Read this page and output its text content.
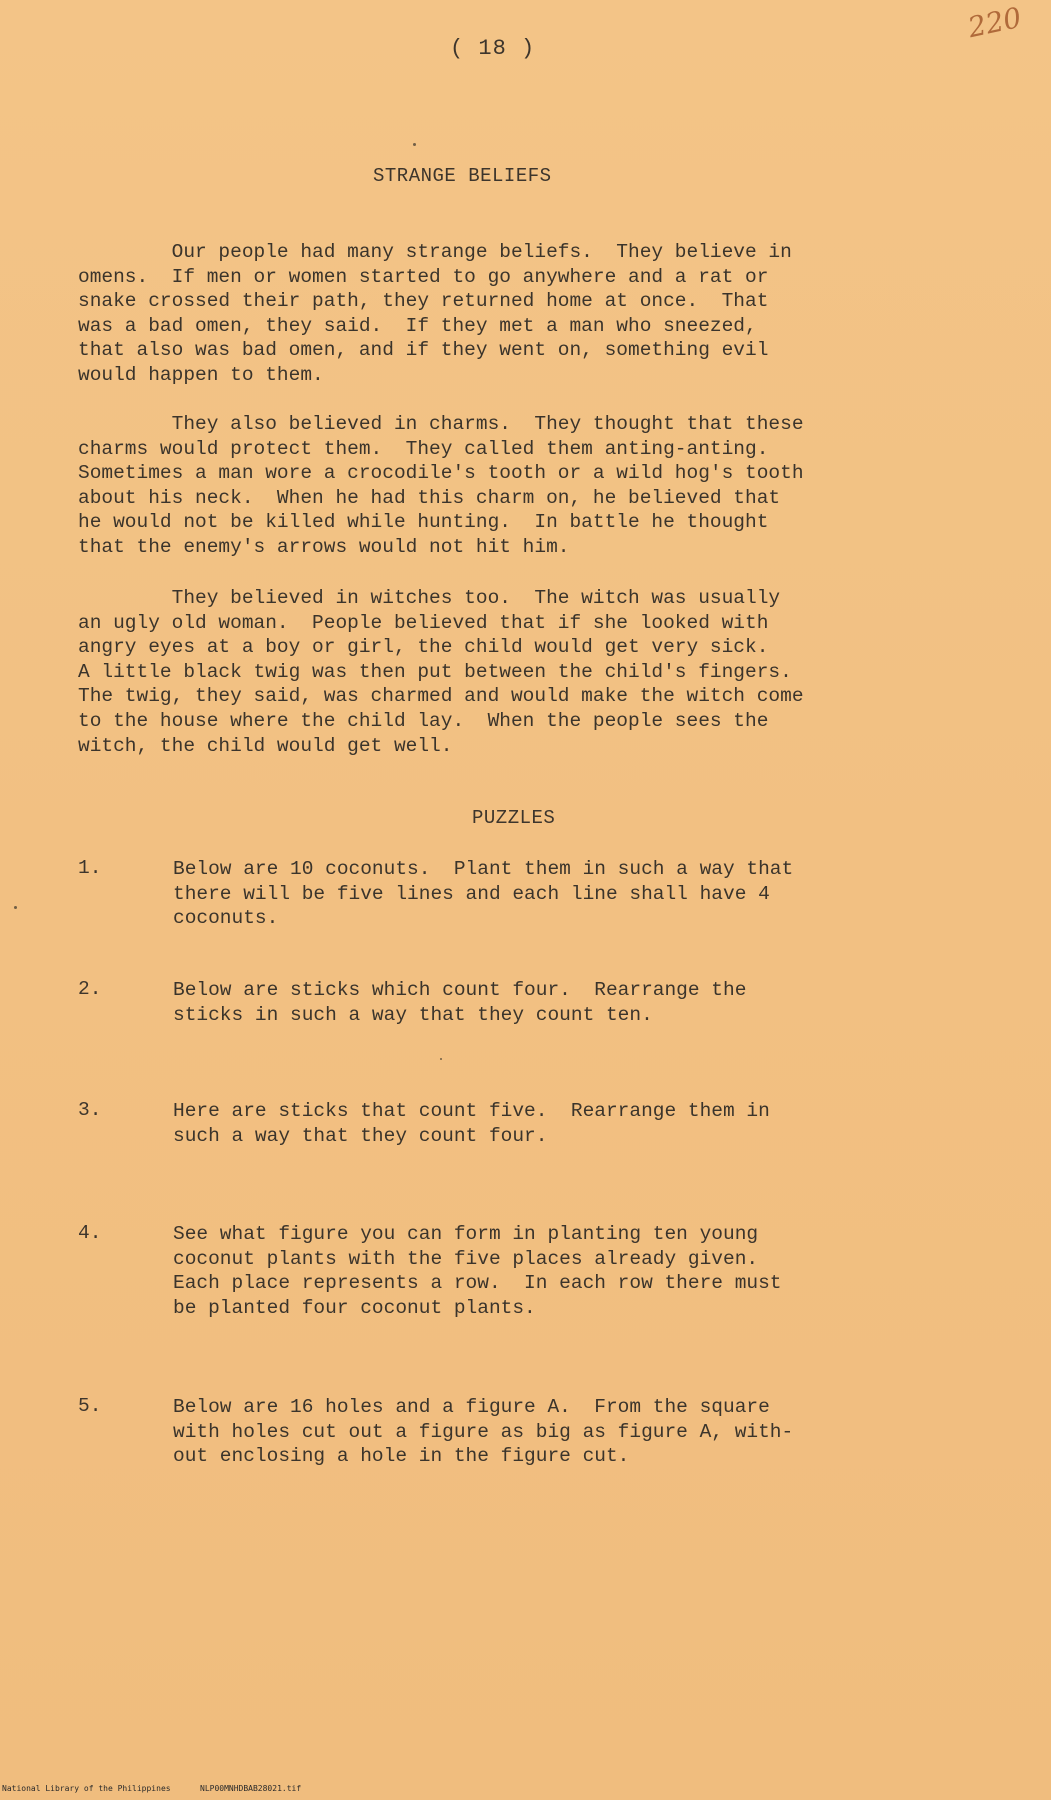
( 18 )
220
STRANGE BELIEFS
Our people had many strange beliefs.  They believe in
omens.  If men or women started to go anywhere and a rat or
snake crossed their path, they returned home at once.  That
was a bad omen, they said.  If they met a man who sneezed,
that also was bad omen, and if they went on, something evil
would happen to them.
They also believed in charms.  They thought that these
charms would protect them.  They called them anting-anting.
Sometimes a man wore a crocodile's tooth or a wild hog's tooth
about his neck.  When he had this charm on, he believed that
he would not be killed while hunting.  In battle he thought
that the enemy's arrows would not hit him.
They believed in witches too.  The witch was usually
an ugly old woman.  People believed that if she looked with
angry eyes at a boy or girl, the child would get very sick.
A little black twig was then put between the child's fingers.
The twig, they said, was charmed and would make the witch come
to the house where the child lay.  When the people sees the
witch, the child would get well.
PUZZLES
1.	Below are 10 coconuts.  Plant them in such a way that
there will be five lines and each line shall have 4
coconuts.
2.	Below are sticks which count four.  Rearrange the
sticks in such a way that they count ten.
3.	Here are sticks that count five.  Rearrange them in
such a way that they count four.
4.	See what figure you can form in planting ten young
coconut plants with the five places already given.
Each place represents a row.  In each row there must
be planted four coconut plants.
5.	Below are 16 holes and a figure A.  From the square
with holes cut out a figure as big as figure A, with-
out enclosing a hole in the figure cut.
National Library of the Philippines	NLP00MNHDBAB28021.tif
